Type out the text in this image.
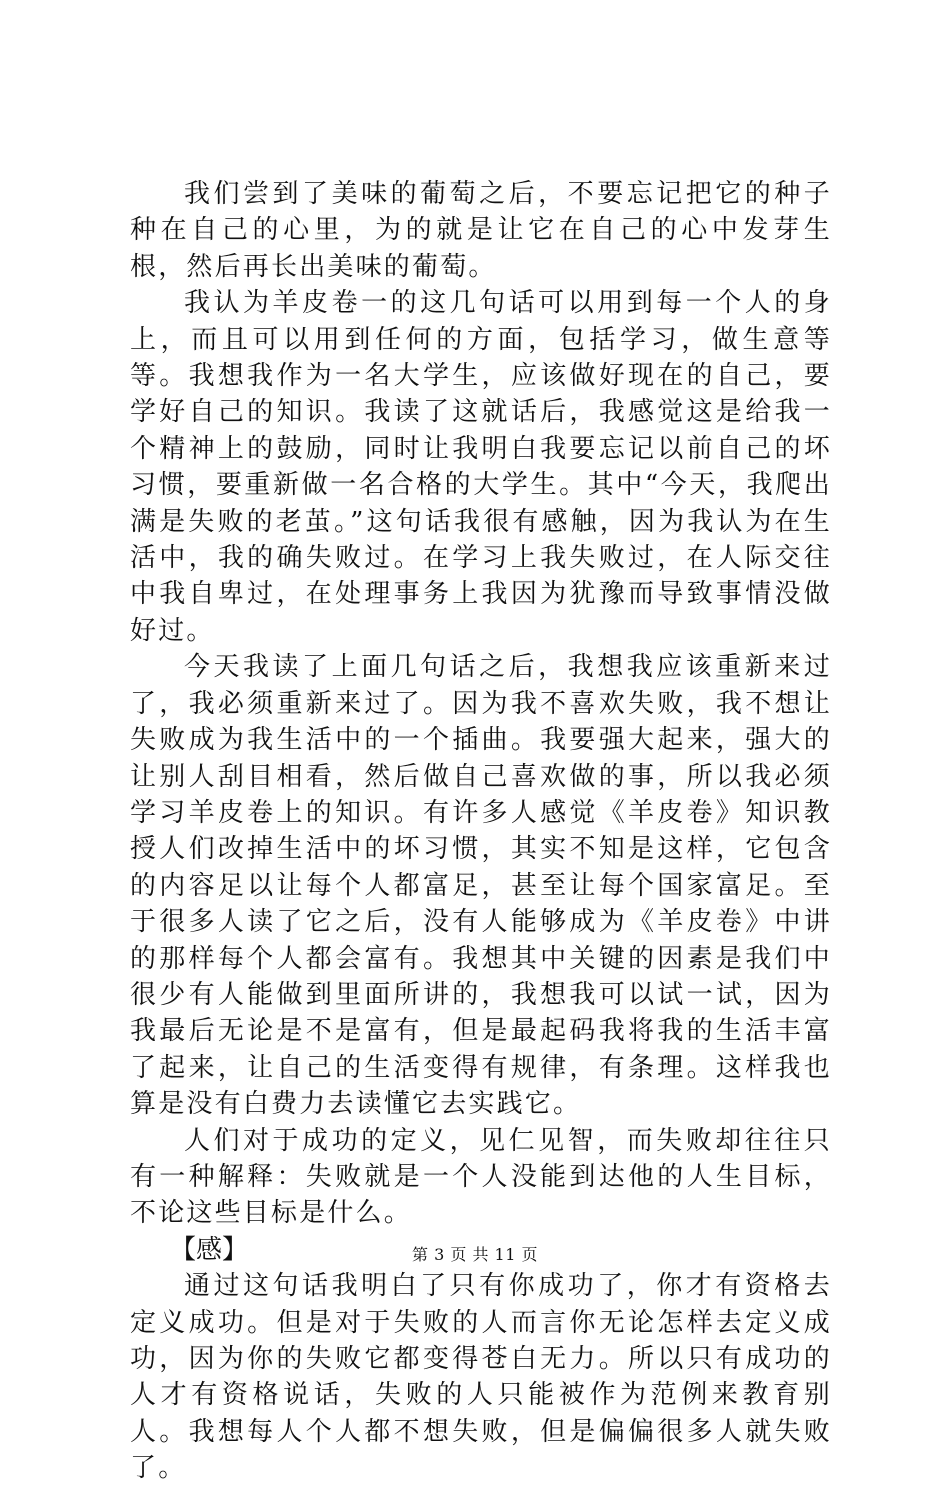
我们尝到了美味的葡萄之后，不要忘记把它的种子种在自己的心里，为的就是让它在自己的心中发芽生根，然后再长出美味的葡萄。

我认为羊皮卷一的这几句话可以用到每一个人的身上，而且可以用到任何的方面，包括学习，做生意等等。我想我作为一名大学生，应该做好现在的自己，要学好自己的知识。我读了这就话后，我感觉这是给我一个精神上的鼓励，同时让我明白我要忘记以前自己的坏习惯，要重新做一名合格的大学生。其中“今天，我爬出满是失败的老茧。”这句话我很有感触，因为我认为在生活中，我的确失败过。在学习上我失败过，在人际交往中我自卑过，在处理事务上我因为犹豫而导致事情没做好过。

今天我读了上面几句话之后，我想我应该重新来过了，我必须重新来过了。因为我不喜欢失败，我不想让失败成为我生活中的一个插曲。我要强大起来，强大的让别人刮目相看，然后做自己喜欢做的事，所以我必须学习羊皮卷上的知识。有许多人感觉《羊皮卷》知识教授人们改掉生活中的坏习惯，其实不知是这样，它包含的内容足以让每个人都富足，甚至让每个国家富足。至于很多人读了它之后，没有人能够成为《羊皮卷》中讲的那样每个人都会富有。我想其中关键的因素是我们中很少有人能做到里面所讲的，我想我可以试一试，因为我最后无论是不是富有，但是最起码我将我的生活丰富了起来，让自己的生活变得有规律，有条理。这样我也算是没有白费力去读懂它去实践它。

人们对于成功的定义，见仁见智，而失败却往往只有一种解释：失败就是一个人没能到达他的人生目标，不论这些目标是什么。

【感】

通过这句话我明白了只有你成功了，你才有资格去定义成功。但是对于失败的人而言你无论怎样去定义成功，因为你的失败它都变得苍白无力。所以只有成功的人才有资格说话，失败的人只能被作为范例来教育别人。我想每人个人都不想失败，但是偏偏很多人就失败了。

第 3 页 共 11 页
